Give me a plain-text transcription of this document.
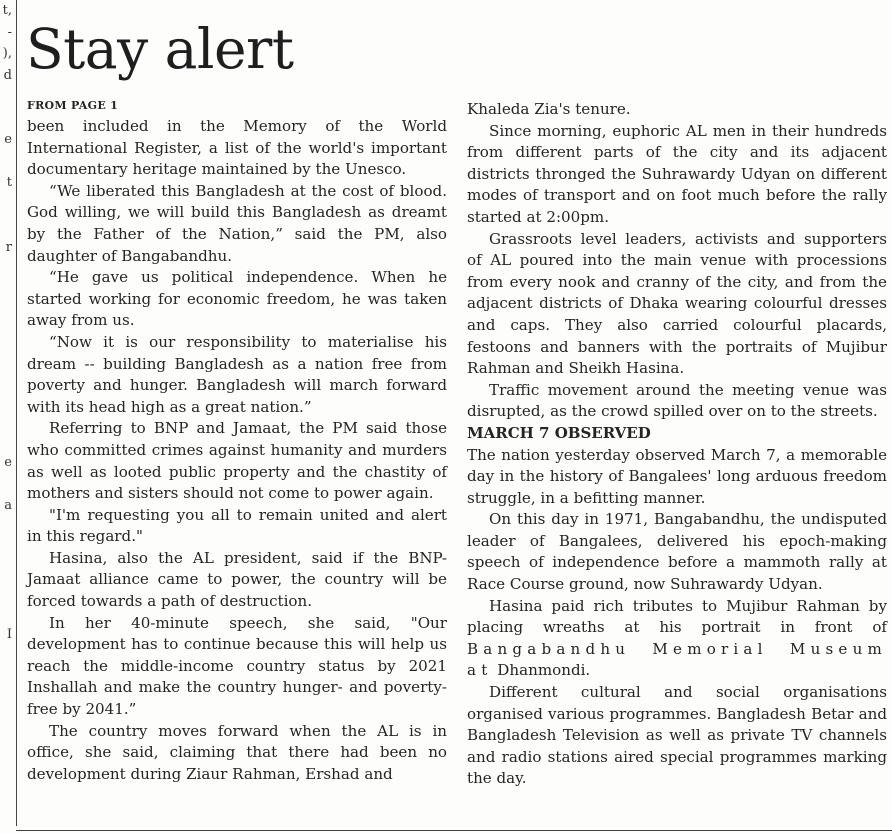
t,
-
),
d
e
t
r
e
a
I
Stay alert
FROM PAGE 1

been included in the Memory of the World International Register, a list of the world's important documentary heritage maintained by the Unesco.

“We liberated this Bangladesh at the cost of blood. God willing, we will build this Bangladesh as dreamt by the Father of the Nation,” said the PM, also daughter of Bangabandhu.

“He gave us political independence. When he started working for economic freedom, he was taken away from us.

“Now it is our responsibility to materialise his dream -- building Bangladesh as a nation free from poverty and hunger. Bangladesh will march forward with its head high as a great nation.”

Referring to BNP and Jamaat, the PM said those who committed crimes against humanity and murders as well as looted public property and the chastity of mothers and sisters should not come to power again.

"I'm requesting you all to remain united and alert in this regard."

Hasina, also the AL president, said if the BNP-Jamaat alliance came to power, the country will be forced towards a path of destruction.

In her 40-minute speech, she said, "Our development has to continue because this will help us reach the middle-income country status by 2021 Inshallah and make the country hunger- and poverty-free by 2041.”

The country moves forward when the AL is in office, she said, claiming that there had been no development during Ziaur Rahman, Ershad and

Khaleda Zia's tenure.

Since morning, euphoric AL men in their hundreds from different parts of the city and its adjacent districts thronged the Suhrawardy Udyan on different modes of transport and on foot much before the rally started at 2:00pm.

Grassroots level leaders, activists and supporters of AL poured into the main venue with processions from every nook and cranny of the city, and from the adjacent districts of Dhaka wearing colourful dresses and caps. They also carried colourful placards, festoons and banners with the portraits of Mujibur Rahman and Sheikh Hasina.

Traffic movement around the meeting venue was disrupted, as the crowd spilled over on to the streets.

MARCH 7 OBSERVED

The nation yesterday observed March 7, a memorable day in the history of Bangalees' long arduous freedom struggle, in a befitting manner.

On this day in 1971, Bangabandhu, the undisputed leader of Bangalees, delivered his epoch-making speech of independence before a mammoth rally at Race Course ground, now Suhrawardy Udyan.

Hasina paid rich tributes to Mujibur Rahman by placing wreaths at his portrait in front of Bangabandhu Memorial Museum at Dhanmondi.

Different cultural and social organisations organised various programmes. Bangladesh Betar and Bangladesh Television as well as private TV channels and radio stations aired special programmes marking the day.
